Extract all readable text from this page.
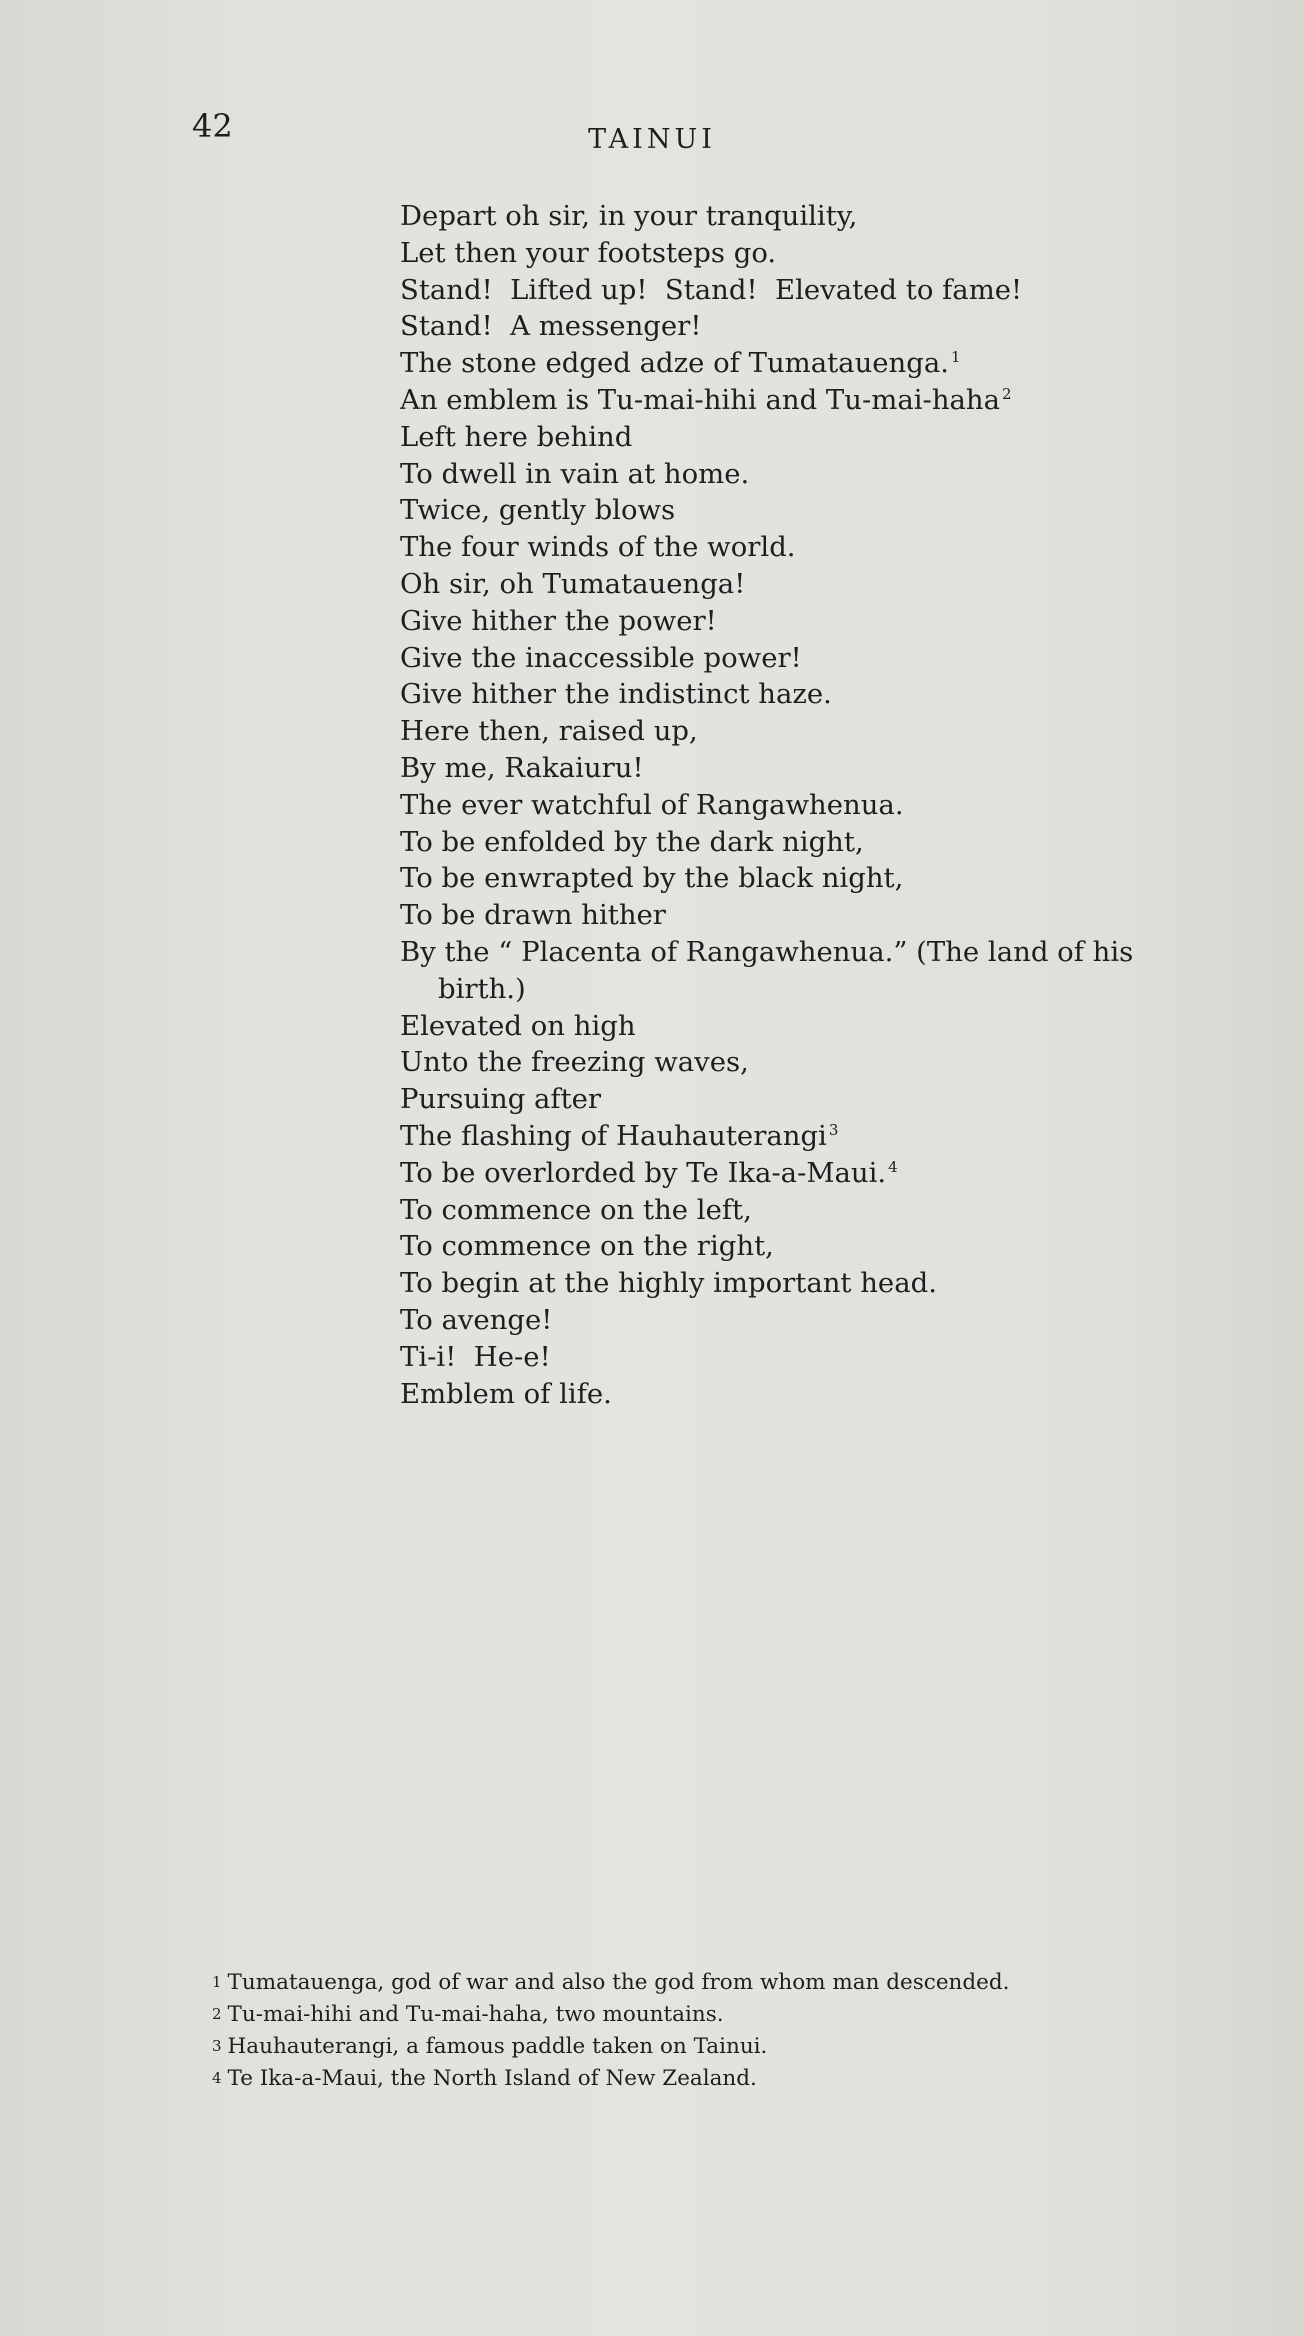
42	TAINUI
Depart oh sir, in your tranquility,
Let then your footsteps go.
Stand!  Lifted up!  Stand!  Elevated to fame!
Stand!  A messenger!
The stone edged adze of Tumatauenga. $^1$
An emblem is Tu-mai-hihi and Tu-mai-haha $^2$
Left here behind
To dwell in vain at home.
Twice, gently blows
The four winds of the world.
Oh sir, oh Tumatauenga!
Give hither the power!
Give the inaccessible power!
Give hither the indistinct haze.
Here then, raised up,
By me, Rakaiuru!
The ever watchful of Rangawhenua.
To be enfolded by the dark night,
To be enwrapted by the black night,
To be drawn hither
By the “ Placenta of Rangawhenua.” (The land of his
birth.)
Elevated on high
Unto the freezing waves,
Pursuing after
The flashing of Hauhauterangi $^3$
To be overlorded by Te Ika-a-Maui. $^4$
To commence on the left,
To commence on the right,
To begin at the highly important head.
To avenge!
Ti-i!  He-e!
Emblem of life.
1 Tumatauenga, god of war and also the god from whom man descended.
2 Tu-mai-hihi and Tu-mai-haha, two mountains.
3 Hauhauterangi, a famous paddle taken on Tainui.
4 Te Ika-a-Maui, the North Island of New Zealand.
